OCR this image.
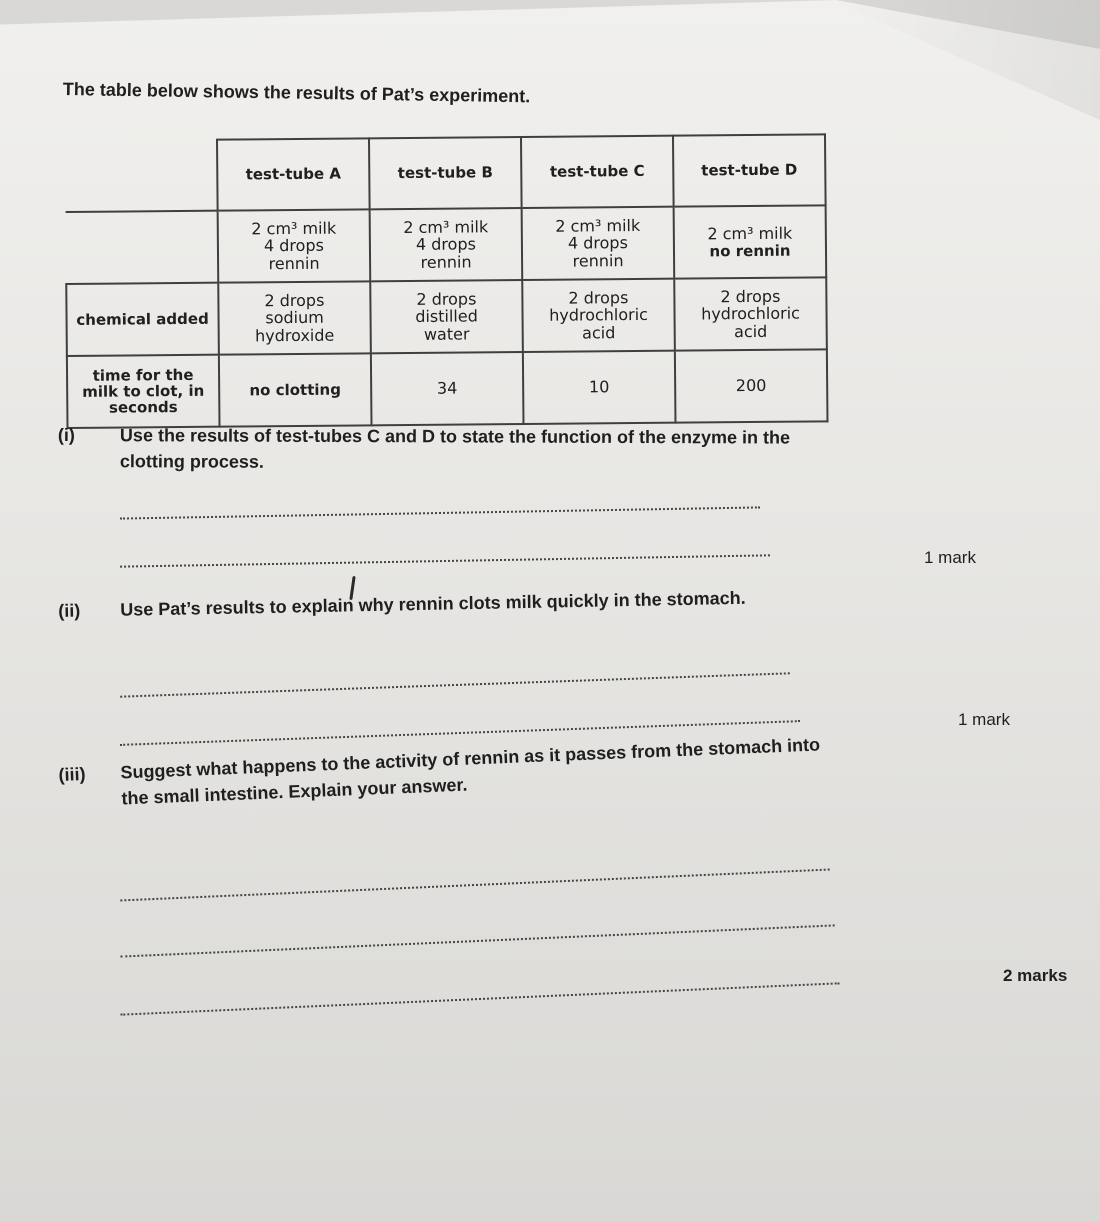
The table below shows the results of Pat’s experiment.
	test-tube A	test-tube B	test-tube C	test-tube D

	2 cm³ milk
4 drops
rennin	2 cm³ milk
4 drops
rennin	2 cm³ milk
4 drops
rennin	2 cm³ milk
no rennin

chemical added	2 drops
sodium
hydroxide	2 drops
distilled
water	2 drops
hydrochloric
acid	2 drops
hydrochloric
acid

time for the milk to clot, in seconds	no clotting	34	10	200
(i) Use the results of test-tubes C and D to state the function of the enzyme in the clotting process.
1 mark
(ii) Use Pat’s results to explain why rennin clots milk quickly in the stomach.
1 mark
(iii) Suggest what happens to the activity of rennin as it passes from the stomach into the small intestine. Explain your answer.
2 marks
